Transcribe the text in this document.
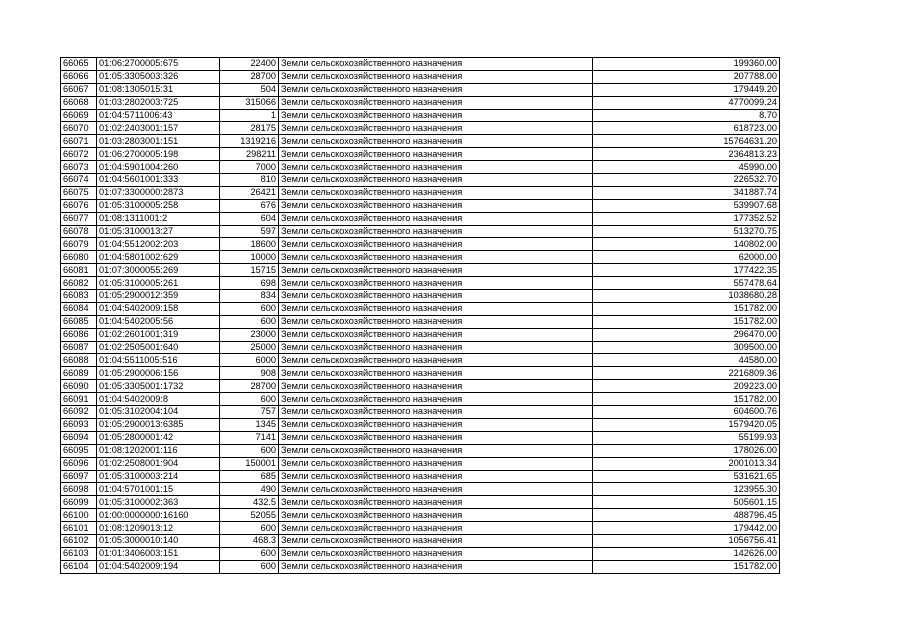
66065	01:06:2700005:675	22400	Земли сельскохозяйственного назначения	199360.00
66066	01:05:3305003:326	28700	Земли сельскохозяйственного назначения	207788.00
66067	01:08:1305015:31	504	Земли сельскохозяйственного назначения	179449.20
66068	01:03:2802003:725	315066	Земли сельскохозяйственного назначения	4770099.24
66069	01:04:5711006:43	1	Земли сельскохозяйственного назначения	8.70
66070	01:02:2403001:157	28175	Земли сельскохозяйственного назначения	618723.00
66071	01:03:2803001:151	1319216	Земли сельскохозяйственного назначения	15764631.20
66072	01:06:2700005:198	298211	Земли сельскохозяйственного назначения	2364813.23
66073	01:04:5901004:260	7000	Земли сельскохозяйственного назначения	45990.00
66074	01:04:5601001:333	810	Земли сельскохозяйственного назначения	226532.70
66075	01:07:3300000:2873	26421	Земли сельскохозяйственного назначения	341887.74
66076	01:05:3100005:258	676	Земли сельскохозяйственного назначения	539907.68
66077	01:08:1311001:2	604	Земли сельскохозяйственного назначения	177352.52
66078	01:05:3100013:27	597	Земли сельскохозяйственного назначения	513270.75
66079	01:04:5512002:203	18600	Земли сельскохозяйственного назначения	140802.00
66080	01:04:5801002:629	10000	Земли сельскохозяйственного назначения	62000.00
66081	01:07:3000055:269	15715	Земли сельскохозяйственного назначения	177422.35
66082	01:05:3100005:261	698	Земли сельскохозяйственного назначения	557478.64
66083	01:05:2900012:359	834	Земли сельскохозяйственного назначения	1038680.28
66084	01:04:5402009:158	600	Земли сельскохозяйственного назначения	151782.00
66085	01:04:5402005:56	600	Земли сельскохозяйственного назначения	151782.00
66086	01:02:2601001:319	23000	Земли сельскохозяйственного назначения	296470.00
66087	01:02:2505001:640	25000	Земли сельскохозяйственного назначения	309500.00
66088	01:04:5511005:516	6000	Земли сельскохозяйственного назначения	44580.00
66089	01:05:2900006:156	908	Земли сельскохозяйственного назначения	2216809.36
66090	01:05:3305001:1732	28700	Земли сельскохозяйственного назначения	209223.00
66091	01:04:5402009:8	600	Земли сельскохозяйственного назначения	151782.00
66092	01:05:3102004:104	757	Земли сельскохозяйственного назначения	604600.76
66093	01:05:2900013:6385	1345	Земли сельскохозяйственного назначения	1579420.05
66094	01:05:2800001:42	7141	Земли сельскохозяйственного назначения	55199.93
66095	01:08:1202001:116	600	Земли сельскохозяйственного назначения	178026.00
66096	01:02:2508001:904	150001	Земли сельскохозяйственного назначения	2001013.34
66097	01:05:3100003:214	685	Земли сельскохозяйственного назначения	531621.65
66098	01:04:5701001:15	490	Земли сельскохозяйственного назначения	123955.30
66099	01:05:3100002:363	432.5	Земли сельскохозяйственного назначения	505601.15
66100	01:00:0000000:16160	52055	Земли сельскохозяйственного назначения	488796.45
66101	01:08:1209013:12	600	Земли сельскохозяйственного назначения	179442.00
66102	01:05:3000010:140	468.3	Земли сельскохозяйственного назначения	1056756.41
66103	01:01:3406003:151	600	Земли сельскохозяйственного назначения	142626.00
66104	01:04:5402009:194	600	Земли сельскохозяйственного назначения	151782.00
